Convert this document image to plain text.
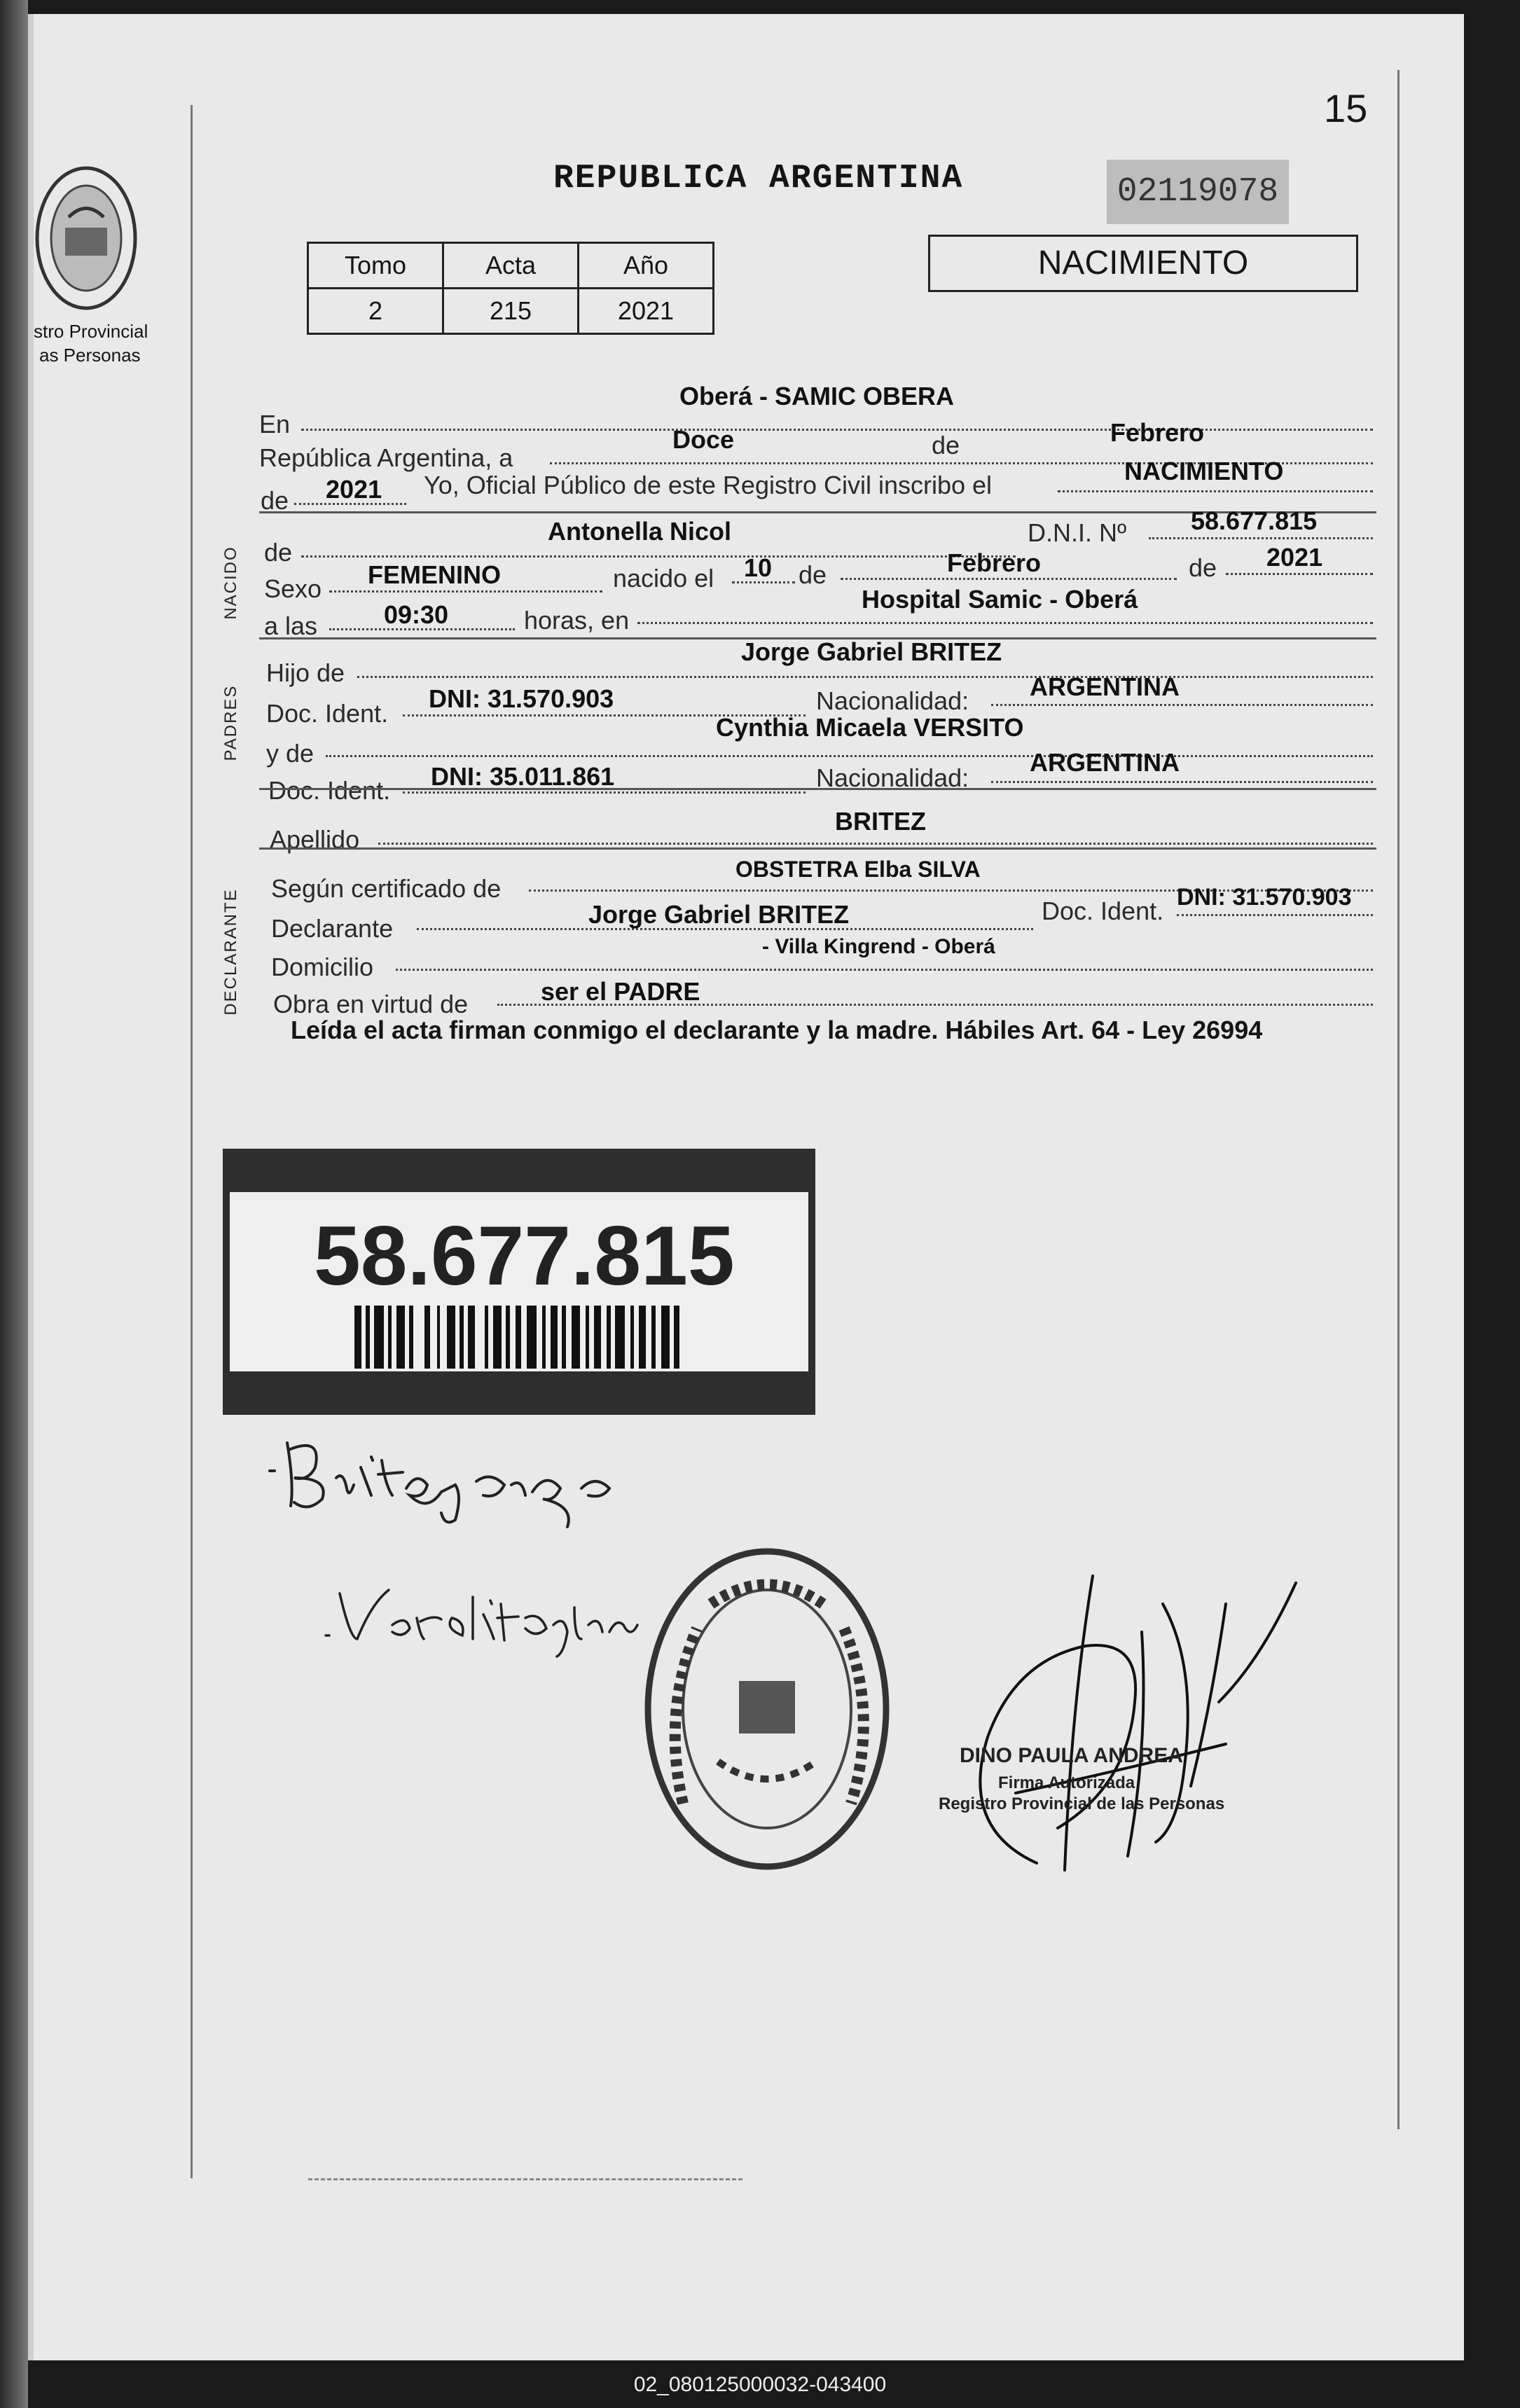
15
REPUBLICA ARGENTINA	02119078
stro Provincial
as Personas
Tomo	Acta	Año
2	215	2021
NACIMIENTO
En
Oberá - SAMIC OBERA
República Argentina, a
Doce	de	Febrero
de 2021 Yo, Oficial Público de este Registro Civil inscribo el	NACIMIENTO
NACIDO de
Antonella Nicol	D.N.I. Nº	58.677.815
Sexo FEMENINO	nacido el 10 de	Febrero	de 2021
a las	09:30	horas, en
Hospital Samic - Oberá
PADRES
Hijo de
Jorge Gabriel BRITEZ
Doc. Ident.
DNI: 31.570.903	Nacionalidad: ARGENTINA
y de
Cynthia Micaela VERSITO
Doc. Ident. DNI: 35.011.861	Nacionalidad:
ARGENTINA
Apellido
BRITEZ
DECLARANTE Según certificado de
OBSTETRA Elba SILVA
Declarante	Jorge Gabriel BRITEZ	Doc. Ident. DNI: 31.570.903
Domicilio
- Villa Kingrend - Oberá
Obra en virtud de	ser el PADRE
Leída el acta firman conmigo el declarante y la madre. Hábiles Art. 64 - Ley 26994
58.677.815
DINO PAULA ANDREA
Firma Autorizada
Registro Provincial de las Personas
02_080125000032-043400
